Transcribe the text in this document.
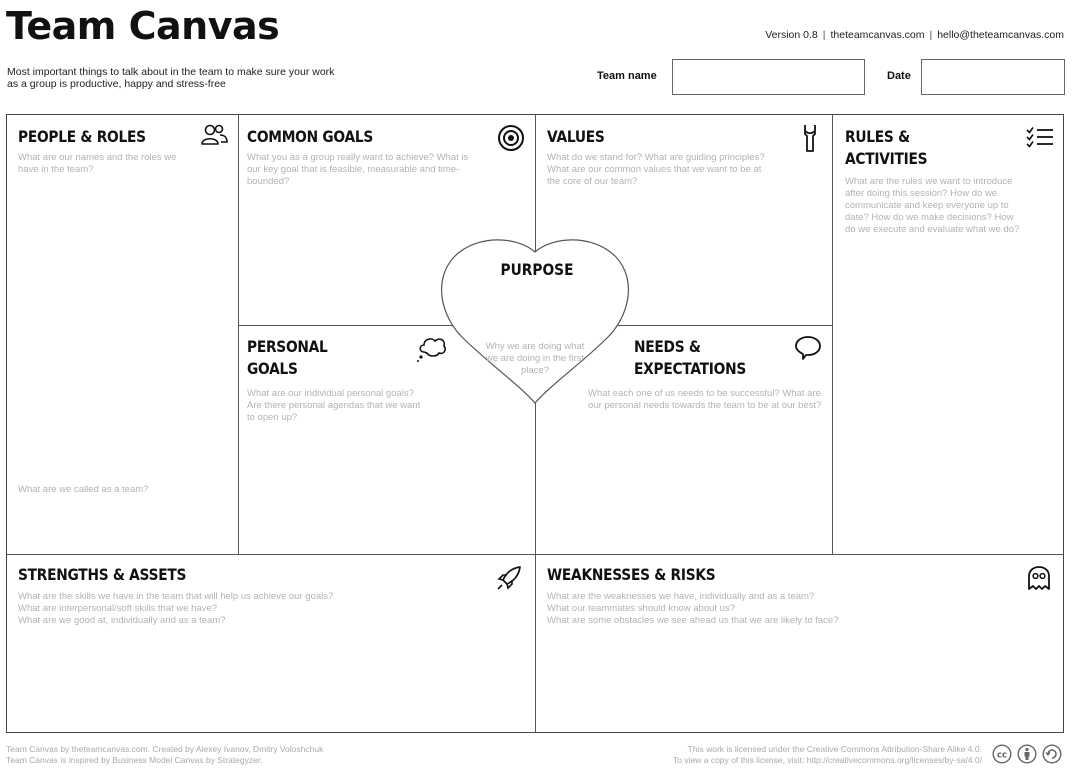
Team Canvas
Most important things to talk about in the team to make sure your work as a group is productive, happy and stress-free
Version 0.8 | theteamcanvas.com | hello@theteamcanvas.com
Team name	Date
PEOPLE & ROLES
What are our names and the roles we have in the team?
What are we called as a team?
COMMON GOALS
What you as a group really want to achieve? What is our key goal that is feasible, measurable and time-bounded?
VALUES
What do we stand for? What are guiding principles? What are our common values that we want to be at the core of our team?
RULES &
ACTIVITIES
What are the rules we want to introduce after doing this session? How do we communicate and keep everyone up to date? How do we make decisions? How do we execute and evaluate what we do?
PERSONAL
GOALS
What are our individual personal goals? Are there personal agendas that we want to open up?
NEEDS &
EXPECTATIONS
What each one of us needs to be successful? What are our personal needs towards the team to be at our best?
PURPOSE
Why we are doing what we are doing in the first place?
STRENGTHS & ASSETS
What are the skills we have in the team that will help us achieve our goals?
What are interpersonal/soft skills that we have?
What are we good at, individually and as a team?
WEAKNESSES & RISKS
What are the weaknesses we have, individually and as a team?
What our teammates should know about us?
What are some obstacles we see ahead us that we are likely to face?
Team Canvas by theteamcanvas.com. Created by Alexey Ivanov, Dmitry Voloshchuk
Team Canvas is inspired by Business Model Canvas by Strategyzer.
This work is licensed under the Creative Commons Attribution-Share Alike 4.0.
To view a copy of this license, visit: http://creativecommons.org/licenses/by-sa/4.0/ cc
